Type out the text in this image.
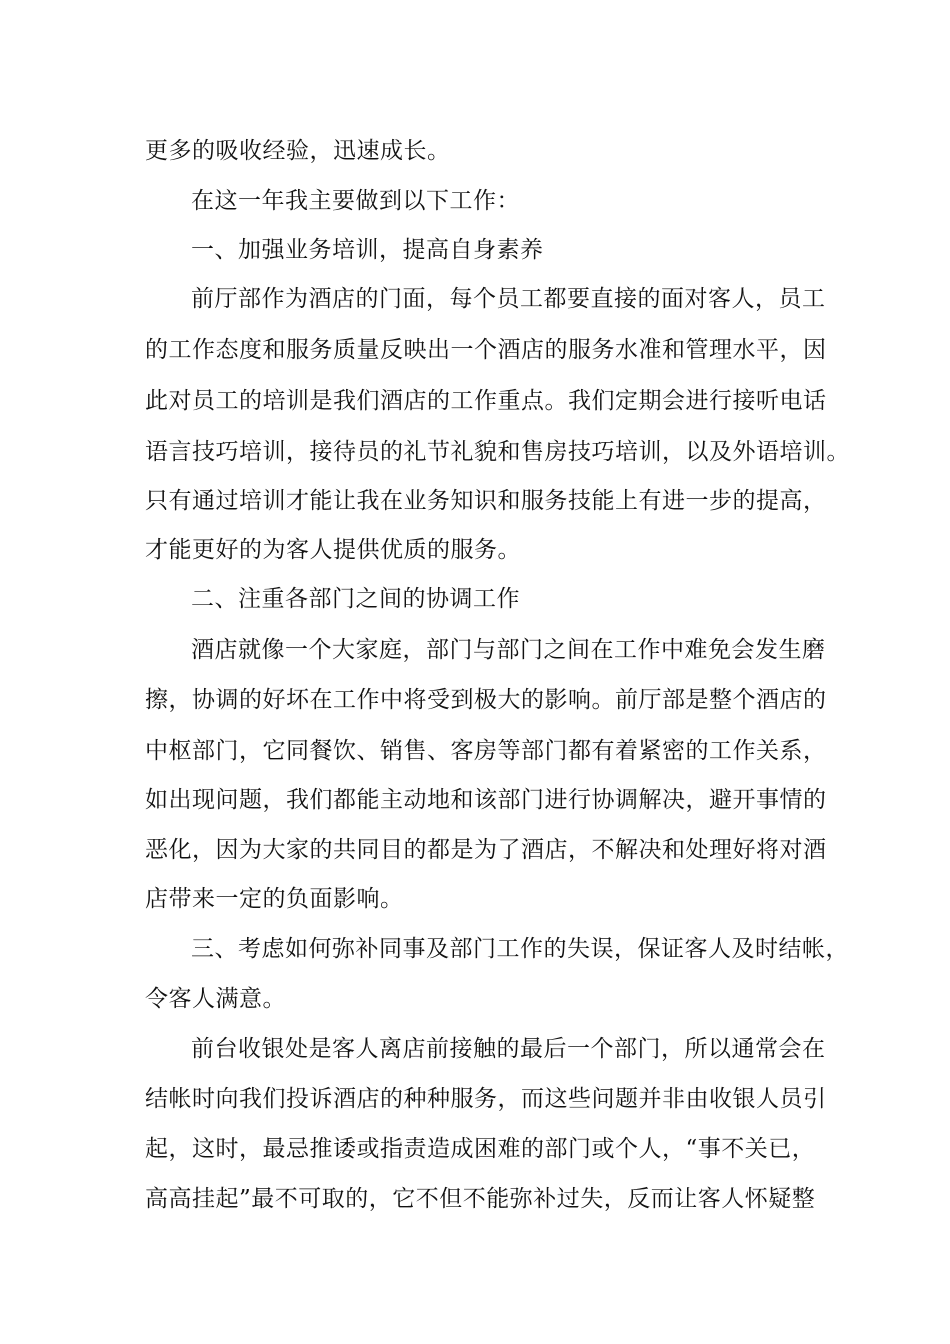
更多的吸收经验，迅速成长。
在这一年我主要做到以下工作：
一、加强业务培训，提高自身素养
前厅部作为酒店的门面，每个员工都要直接的面对客人，员工
的工作态度和服务质量反映出一个酒店的服务水准和管理水平，因
此对员工的培训是我们酒店的工作重点。我们定期会进行接听电话
语言技巧培训，接待员的礼节礼貌和售房技巧培训，以及外语培训。
只有通过培训才能让我在业务知识和服务技能上有进一步的提高，
才能更好的为客人提供优质的服务。
二、注重各部门之间的协调工作
酒店就像一个大家庭，部门与部门之间在工作中难免会发生磨
擦，协调的好坏在工作中将受到极大的影响。前厅部是整个酒店的
中枢部门，它同餐饮、销售、客房等部门都有着紧密的工作关系，
如出现问题，我们都能主动地和该部门进行协调解决，避开事情的
恶化，因为大家的共同目的都是为了酒店，不解决和处理好将对酒
店带来一定的负面影响。
三、考虑如何弥补同事及部门工作的失误，保证客人及时结帐，
令客人满意。
前台收银处是客人离店前接触的最后一个部门，所以通常会在
结帐时向我们投诉酒店的种种服务，而这些问题并非由收银人员引
起，这时，最忌推诿或指责造成困难的部门或个人，“事不关已，
高高挂起”最不可取的，它不但不能弥补过失，反而让客人怀疑整
